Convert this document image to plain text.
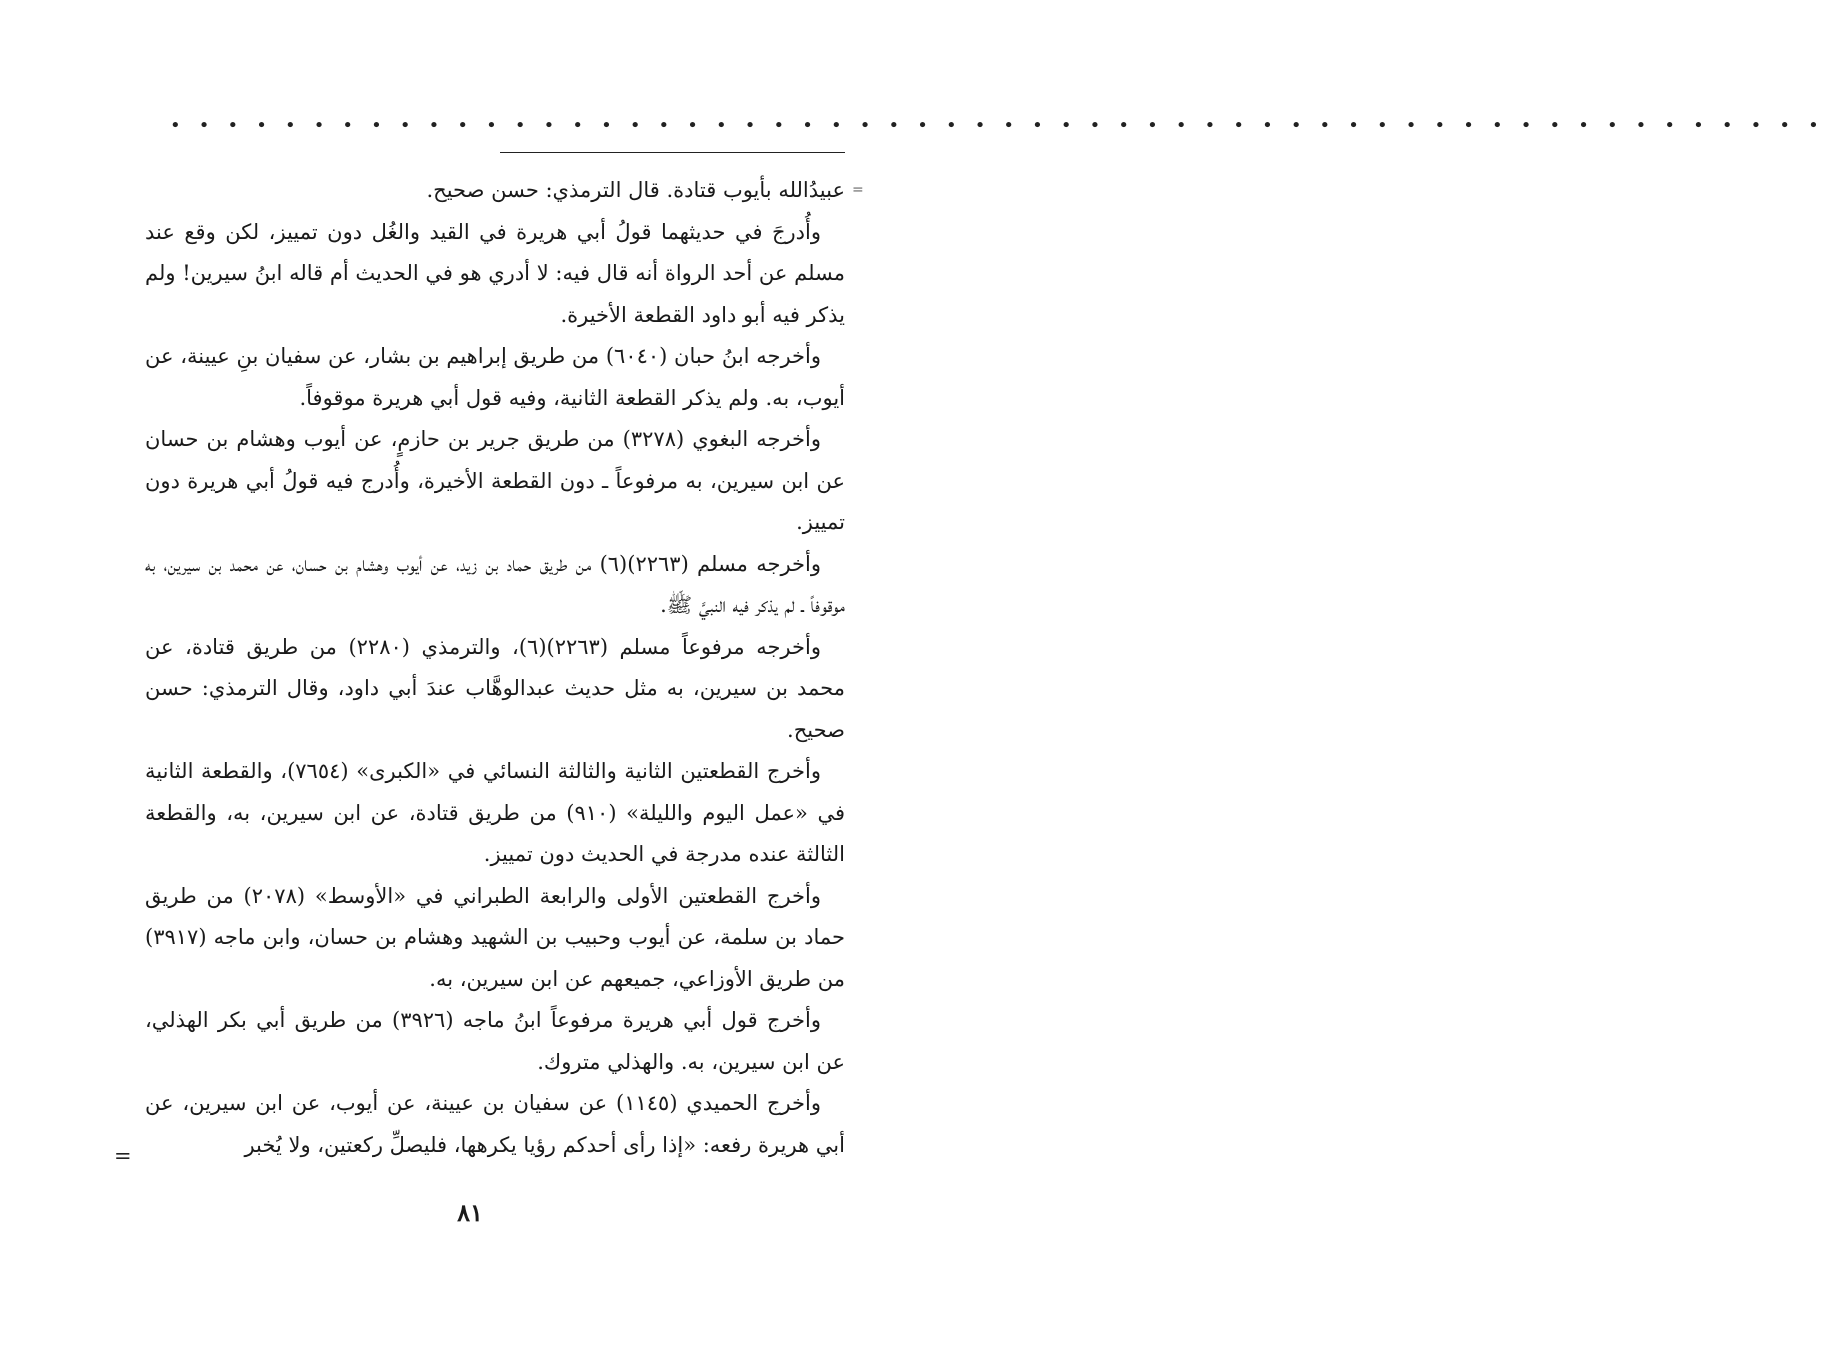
• • • • • • • • • • • • • • • • • • • • • • • • • • • • • • • • • • • • • • • • • • • • • • • • • • • • • • • • • •
=

عبيدُالله بأيوب قتادة. قال الترمذي: حسن صحيح.

وأُدرجَ في حديثهما قولُ أبي هريرة في القيد والغُل دون تمييز، لكن وقع عند مسلم عن أحد الرواة أنه قال فيه: لا أدري هو في الحديث أم قاله ابنُ سيرين! ولم يذكر فيه أبو داود القطعة الأخيرة.

وأخرجه ابنُ حبان (٦٠٤٠) من طريق إبراهيم بن بشار، عن سفيان بنِ عيينة، عن أيوب، به. ولم يذكر القطعة الثانية، وفيه قول أبي هريرة موقوفاً.

وأخرجه البغوي (٣٢٧٨) من طريق جرير بن حازمٍ، عن أيوب وهشام بن حسان عن ابن سيرين، به مرفوعاً ـ دون القطعة الأخيرة، وأُدرج فيه قولُ أبي هريرة دون تمييز.

وأخرجه مسلم (٢٢٦٣)(٦) من طريق حماد بن زيد، عن أيوب وهشام بن حسان، عن محمد بن سيرين، به موقوفاً ـ لم يذكر فيه النبيَّ ﷺ.

وأخرجه مرفوعاً مسلم (٢٢٦٣)(٦)، والترمذي (٢٢٨٠) من طريق قتادة، عن محمد بن سيرين، به مثل حديث عبدالوهَّاب عندَ أبي داود، وقال الترمذي: حسن صحيح.

وأخرج القطعتين الثانية والثالثة النسائي في «الكبرى» (٧٦٥٤)، والقطعة الثانية في «عمل اليوم والليلة» (٩١٠) من طريق قتادة، عن ابن سيرين، به، والقطعة الثالثة عنده مدرجة في الحديث دون تمييز.

وأخرج القطعتين الأولى والرابعة الطبراني في «الأوسط» (٢٠٧٨) من طريق حماد بن سلمة، عن أيوب وحبيب بن الشهيد وهشام بن حسان، وابن ماجه (٣٩١٧) من طريق الأوزاعي، جميعهم عن ابن سيرين، به.

وأخرج قول أبي هريرة مرفوعاً ابنُ ماجه (٣٩٢٦) من طريق أبي بكر الهذلي، عن ابن سيرين، به. والهذلي متروك.

وأخرج الحميدي (١١٤٥) عن سفيان بن عيينة، عن أيوب، عن ابن سيرين، عن أبي هريرة رفعه: «إذا رأى أحدكم رؤيا يكرهها، فليصلِّ ركعتين، ولا يُخبر

=
٨١
